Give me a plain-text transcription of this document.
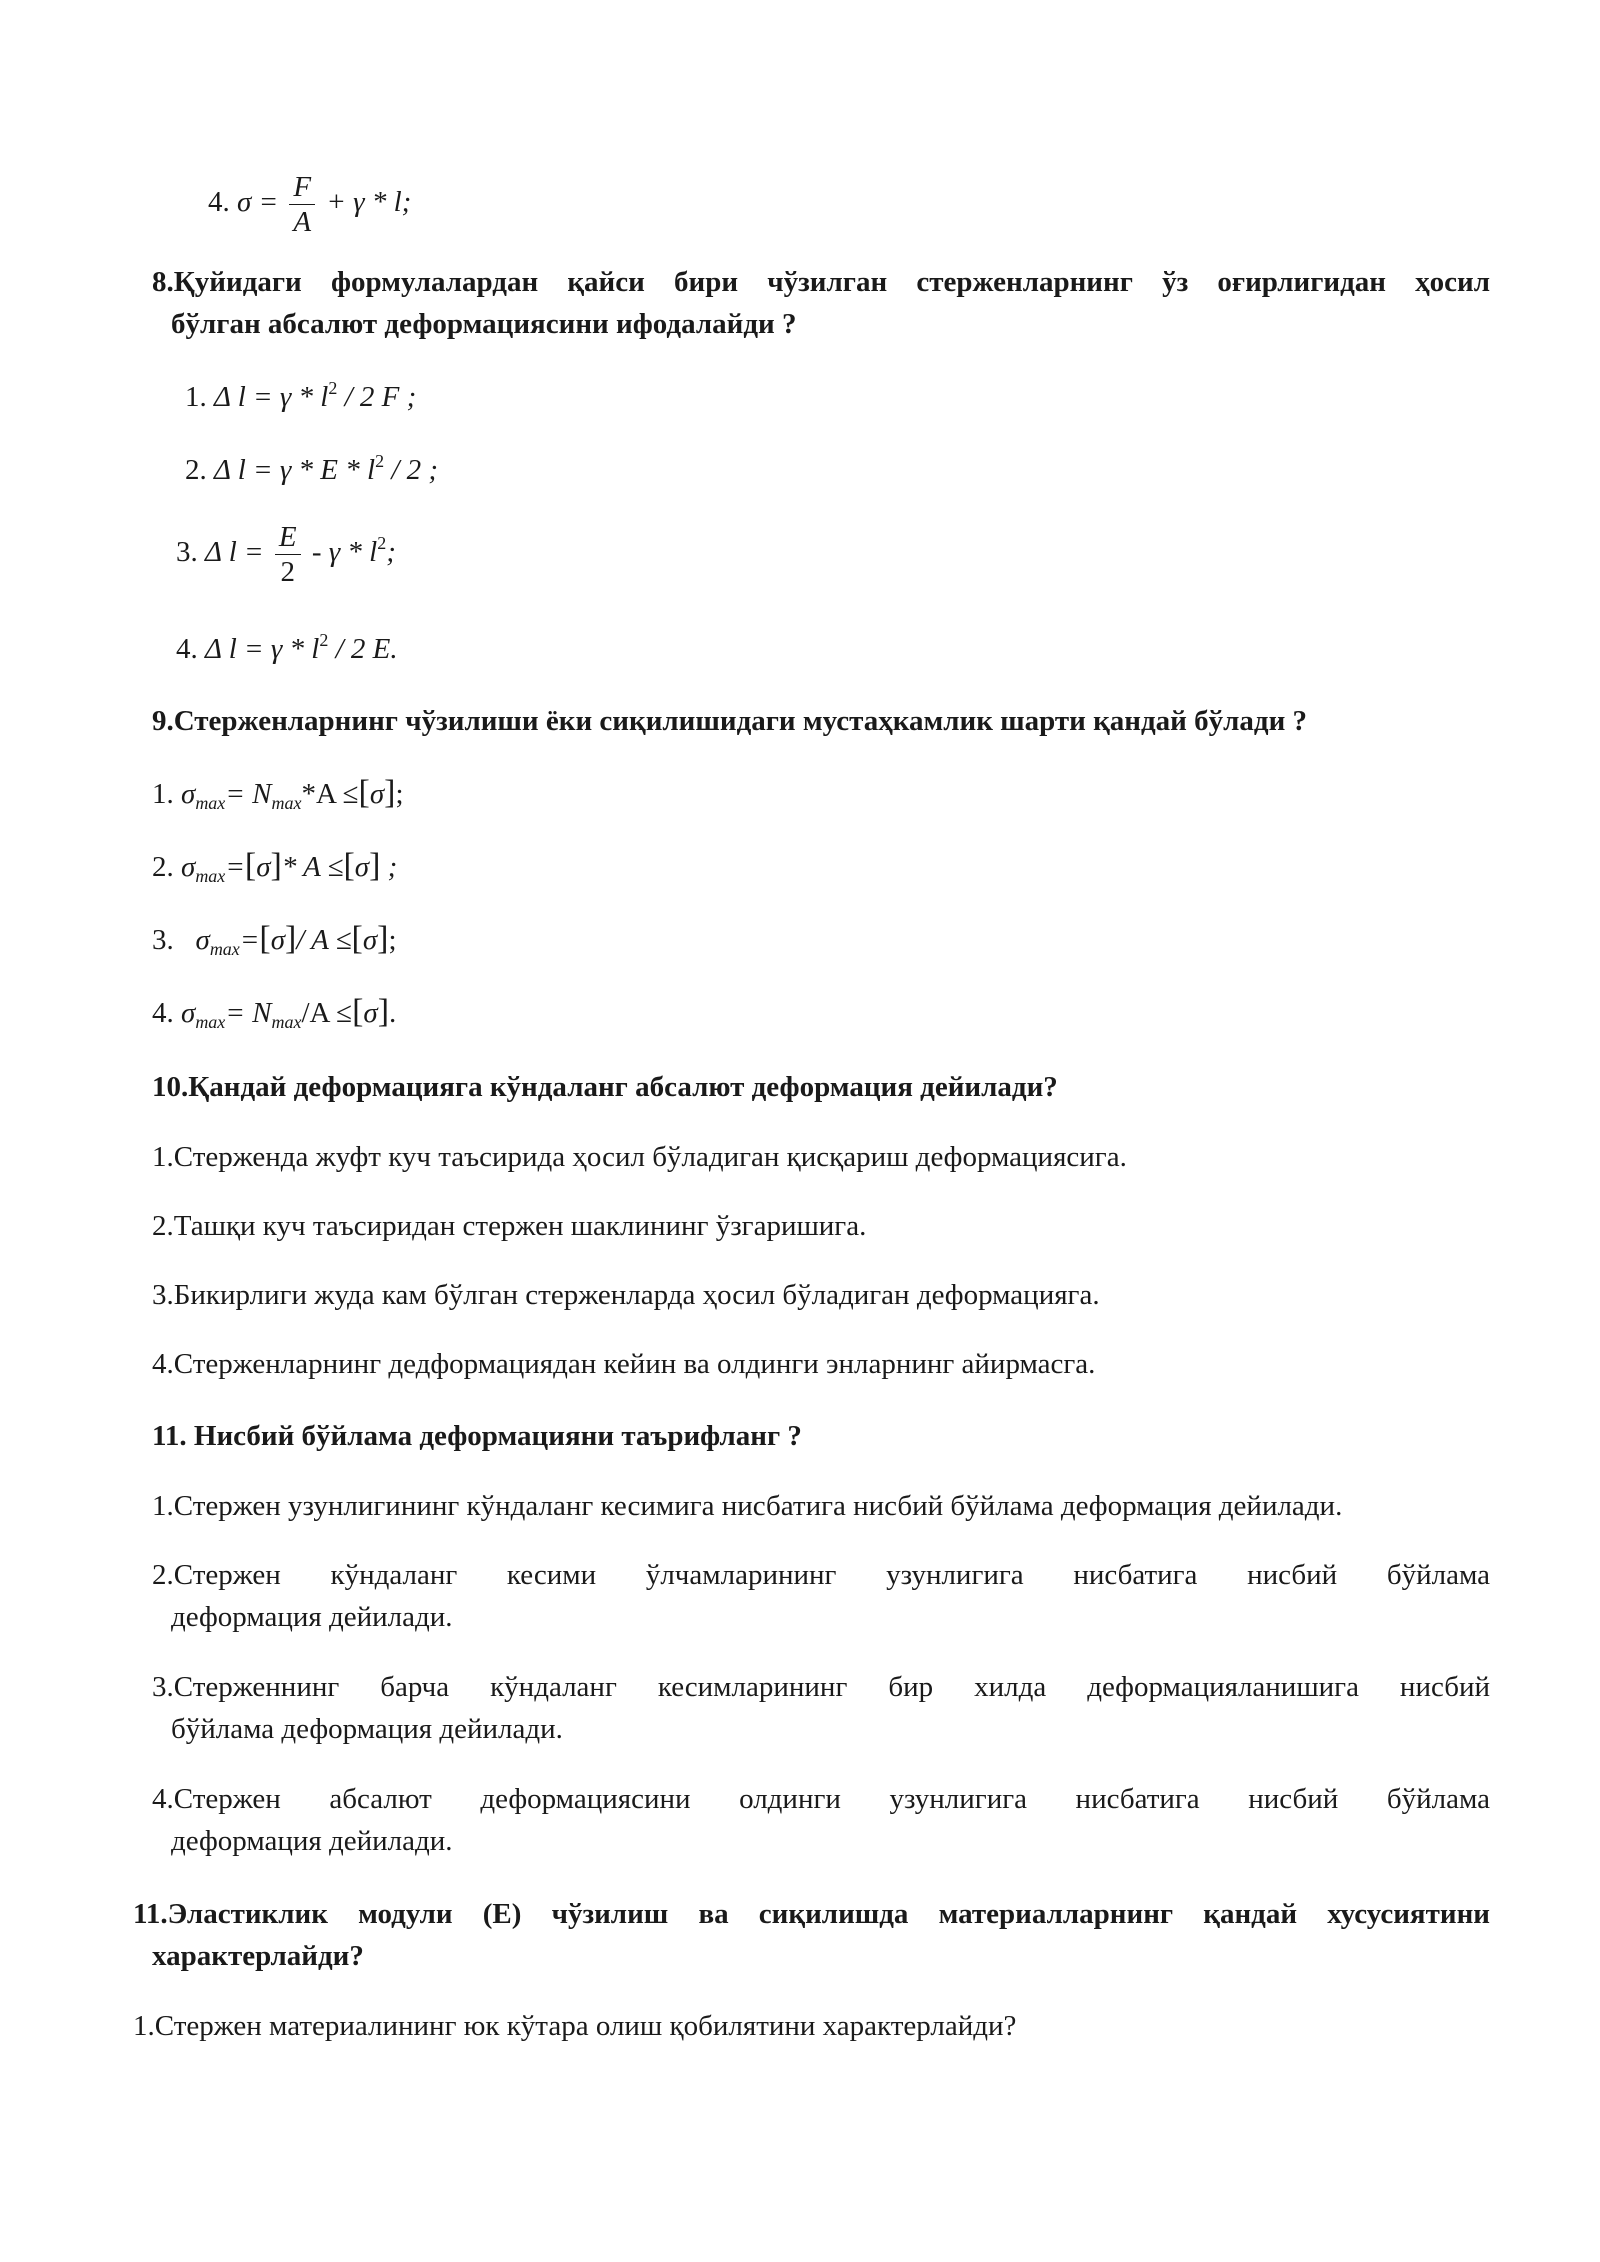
4. $\sigma = \frac{F}{A} + \gamma * l$;
8.Қуйидаги формулалардан қайси бири чўзилган стерженларнинг ўз оғирлигидан ҳосил
бўлган абсалют деформациясини ифодалайди ?
1. Δ $l = \gamma * l^2 / 2$ F ;
2. Δ $l = \gamma * E * l^2 / 2$ ;
3. Δ $l = \frac{E}{2} - \gamma * l^2$;
4. Δ $l = \gamma * l^2 / 2$ E.
9.Стерженларнинг чўзилиши ёки сиқилишидаги мустаҳкамлик шарти қандай бўлади ?
1. $\sigma_{max}= N_{max}*A \le[\sigma]$;
2. $\sigma_{max}=[\sigma]*$ A ≤[σ] ;
3. $\sigma_{max}=[\sigma]/$ A ≤[σ];
4. $\sigma_{max}= N_{max}/A \le[\sigma]$.
10.Қандай деформацияга кўндаланг абсалют деформация дейилади?
1.Стерженда жуфт куч таъсирида ҳосил бўладиган қисқариш деформациясига.
2.Ташқи куч таъсиридан стержен шаклининг ўзгаришига.
3.Бикирлиги жуда кам бўлган стерженларда ҳосил бўладиган деформацияга.
4.Стерженларнинг дедформациядан кейин ва олдинги энларнинг айирмасга.
11. Нисбий бўйлама деформацияни таърифланг ?
1.Стержен узунлигининг кўндаланг кесимига нисбатига нисбий бўйлама деформация дейилади.
2.Стержен кўндаланг кесими ўлчамларининг узунлигига нисбатига нисбий бўйлама
деформация дейилади.
3.Стерженнинг барча кўндаланг кесимларининг бир хилда деформацияланишига нисбий
бўйлама деформация дейилади.
4.Стержен абсалют деформациясини олдинги узунлигига нисбатига нисбий бўйлама
деформация дейилади.
11.Эластиклик модули (E) чўзилиш ва сиқилишда материалларнинг қандай хусусиятини
характерлайди?
1.Стержен материалининг юк кўтара олиш қобилятини характерлайди?
